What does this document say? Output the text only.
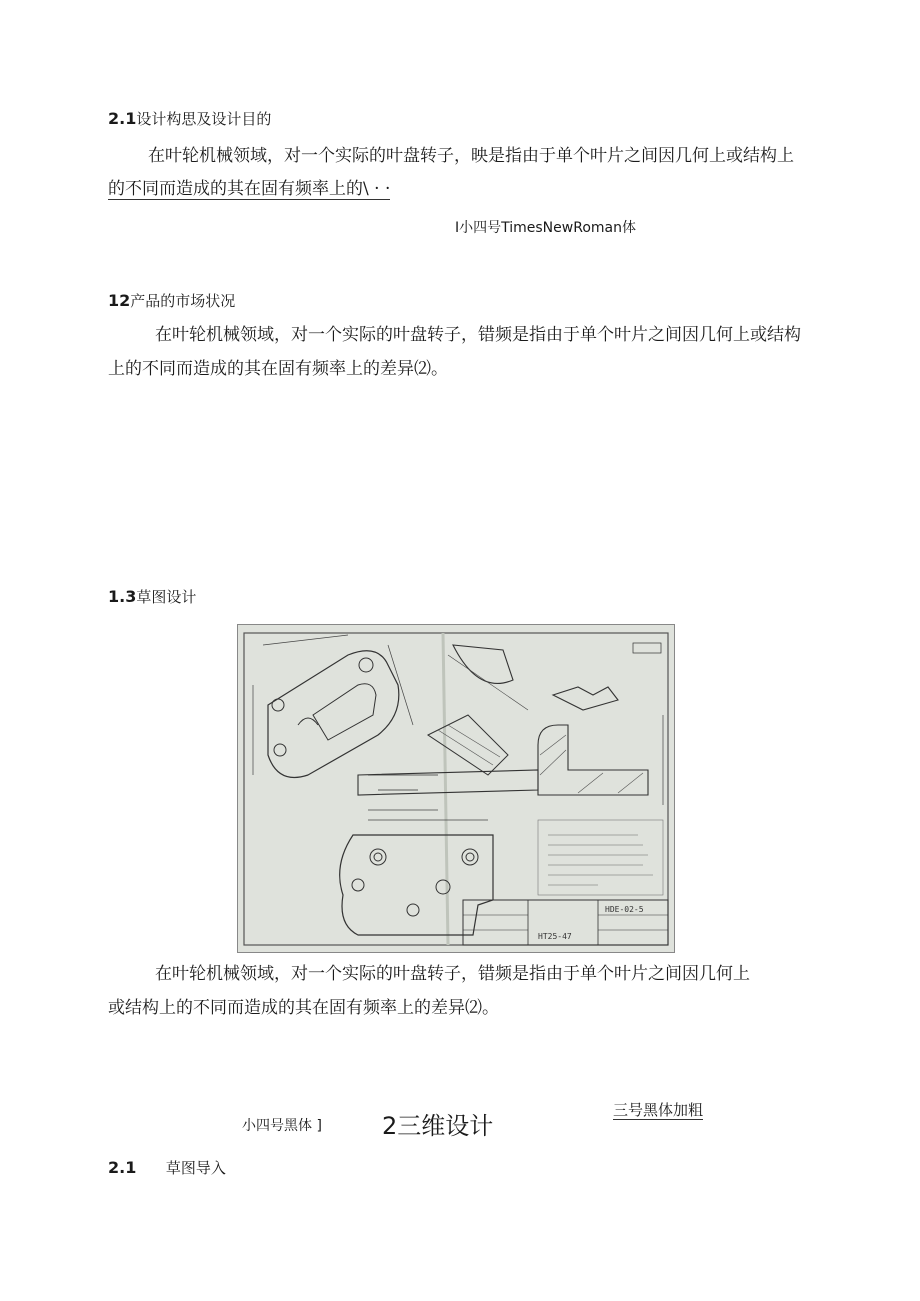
2.1设计构思及设计目的
在叶轮机械领域，对一个实际的叶盘转子，映是指由于单个叶片之间因几何上或结构上
的不同而造成的其在固有频率上的\ · ·
I小四号TimesNewRoman体
12产品的市场状况
在叶轮机械领域，对一个实际的叶盘转子，错频是指由于单个叶片之间因几何上或结构
上的不同而造成的其在固有频率上的差异⑵。
1.3草图设计
HT25-47
HDE-02-5
在叶轮机械领域，对一个实际的叶盘转子，错频是指由于单个叶片之间因几何上
或结构上的不同而造成的其在固有频率上的差异⑵。
小四号黑体 ]	2三维设计
三号黑体加粗
2.1 草图导入
